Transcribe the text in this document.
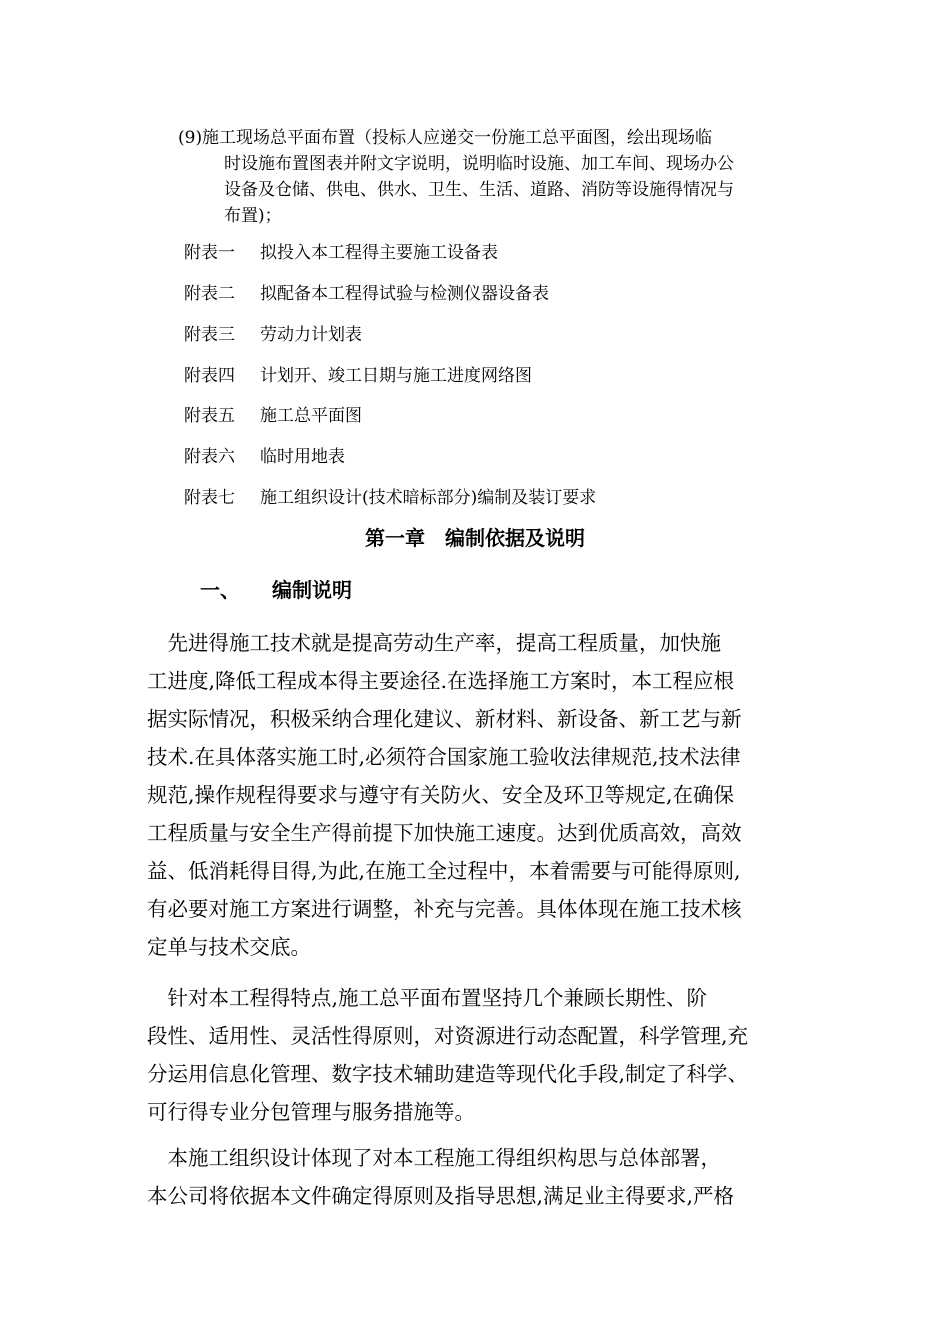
(9) 施工现场总平面布置（投标人应递交一份施工总平面图，绘出现场临
时设施布置图表并附文字说明，说明临时设施、加工车间、现场办公
设备及仓储、供电、供水、卫生、生活、道路、消防等设施得情况与
布置)；
附表一 拟投入本工程得主要施工设备表
附表二 拟配备本工程得试验与检测仪器设备表
附表三 劳动力计划表
附表四 计划开、竣工日期与施工进度网络图
附表五 施工总平面图
附表六 临时用地表
附表七 施工组织设计(技术暗标部分)编制及装订要求
第一章　编制依据及说明
一、 编制说明
　先进得施工技术就是提高劳动生产率，提高工程质量，加快施
工进度,降低工程成本得主要途径.在选择施工方案时，本工程应根
据实际情况，积极采纳合理化建议、新材料、新设备、新工艺与新
技术.在具体落实施工时,必须符合国家施工验收法律规范,技术法律
规范,操作规程得要求与遵守有关防火、安全及环卫等规定,在确保
工程质量与安全生产得前提下加快施工速度。达到优质高效，高效
益、低消耗得目得,为此,在施工全过程中，本着需要与可能得原则,
有必要对施工方案进行调整，补充与完善。具体体现在施工技术核
定单与技术交底。
　针对本工程得特点,施工总平面布置坚持几个兼顾长期性、阶
段性、适用性、灵活性得原则，对资源进行动态配置，科学管理,充
分运用信息化管理、数字技术辅助建造等现代化手段,制定了科学、
可行得专业分包管理与服务措施等。
　本施工组织设计体现了对本工程施工得组织构思与总体部署，
本公司将依据本文件确定得原则及指导思想,满足业主得要求,严格
